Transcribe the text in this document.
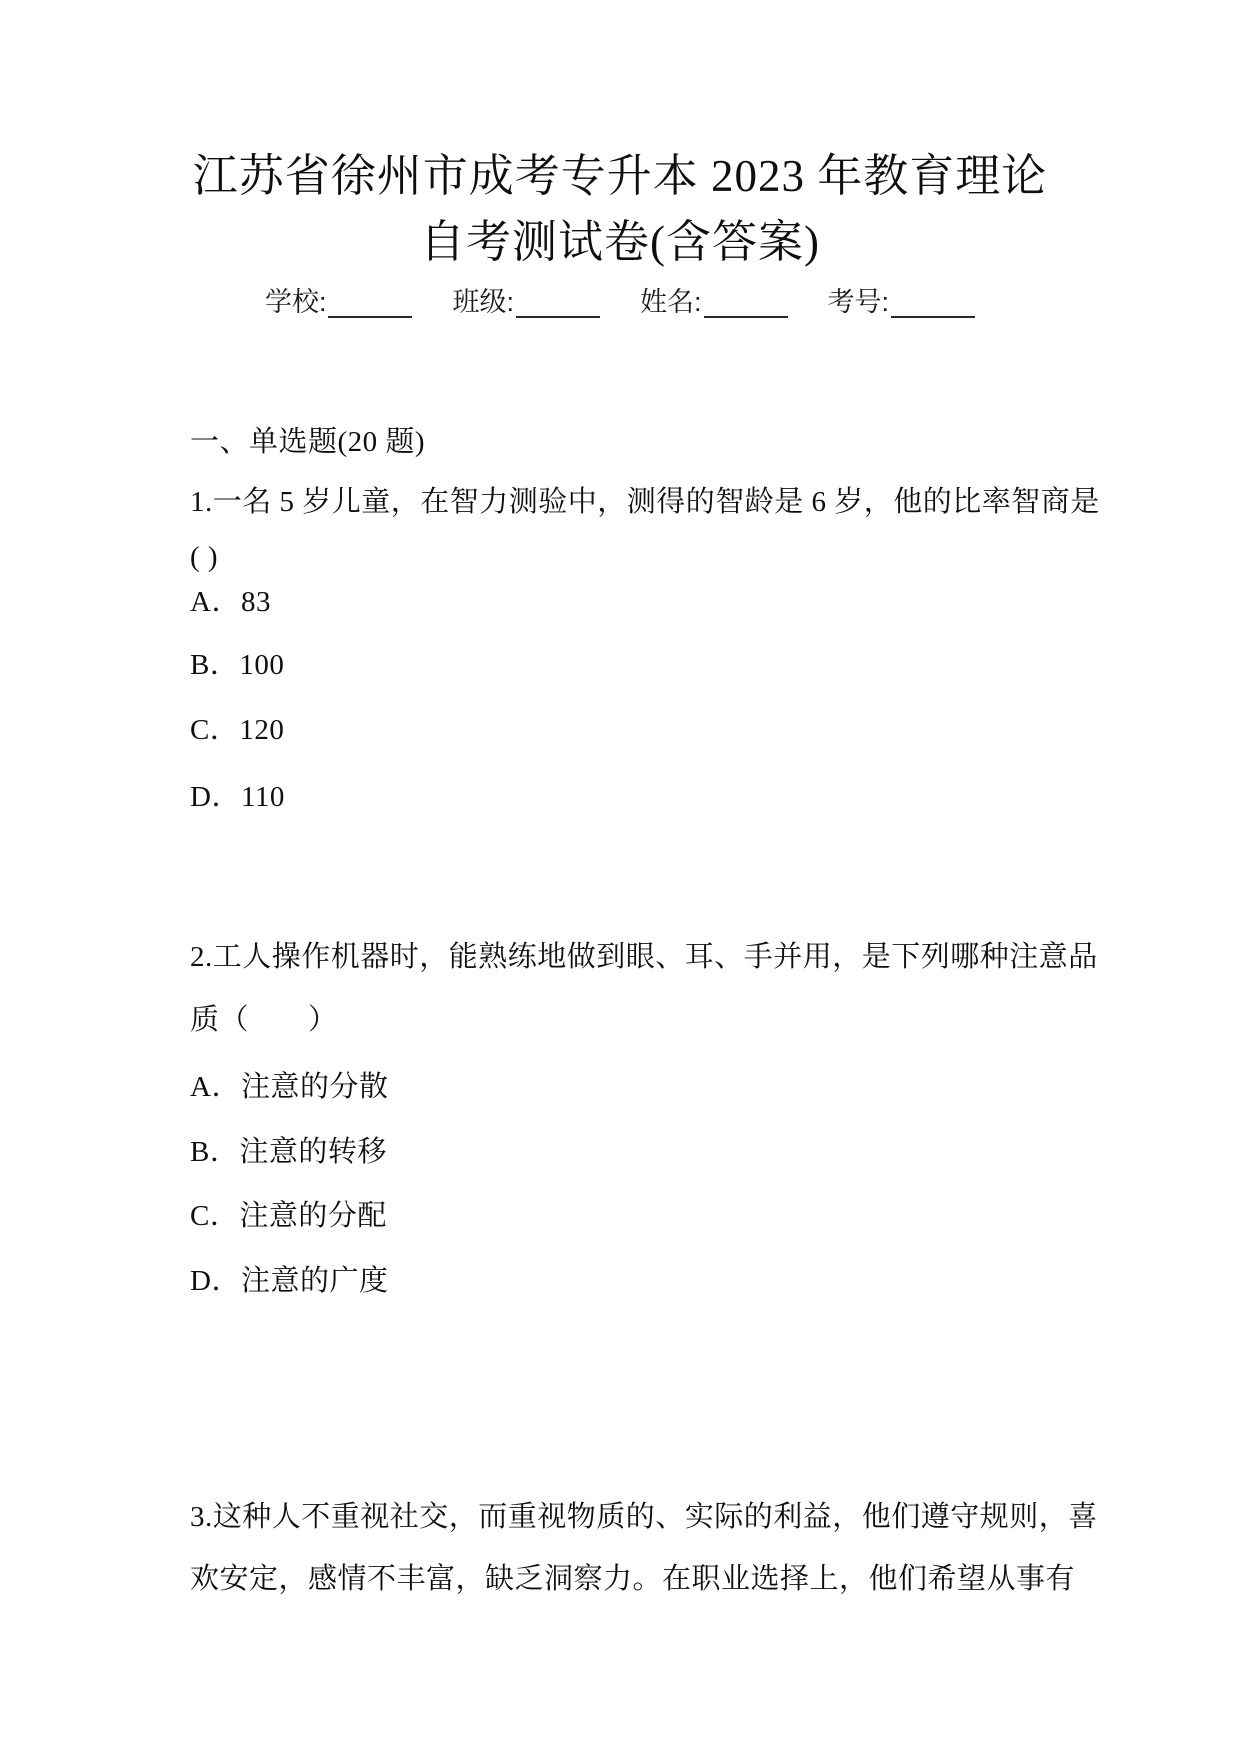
江苏省徐州市成考专升本 2023 年教育理论

自考测试卷(含答案)

学校:	班级:	姓名:	考号:
一、单选题(20 题)
1.一名 5 岁儿童，在智力测验中，测得的智龄是 6 岁，他的比率智商是
( )
A．83
B．100
C．120
D．110
2.工人操作机器时，能熟练地做到眼、耳、手并用，是下列哪种注意品
质（　　）
A．注意的分散
B．注意的转移
C．注意的分配
D．注意的广度
3.这种人不重视社交，而重视物质的、实际的利益，他们遵守规则，喜
欢安定，感情不丰富，缺乏洞察力。在职业选择上，他们希望从事有
